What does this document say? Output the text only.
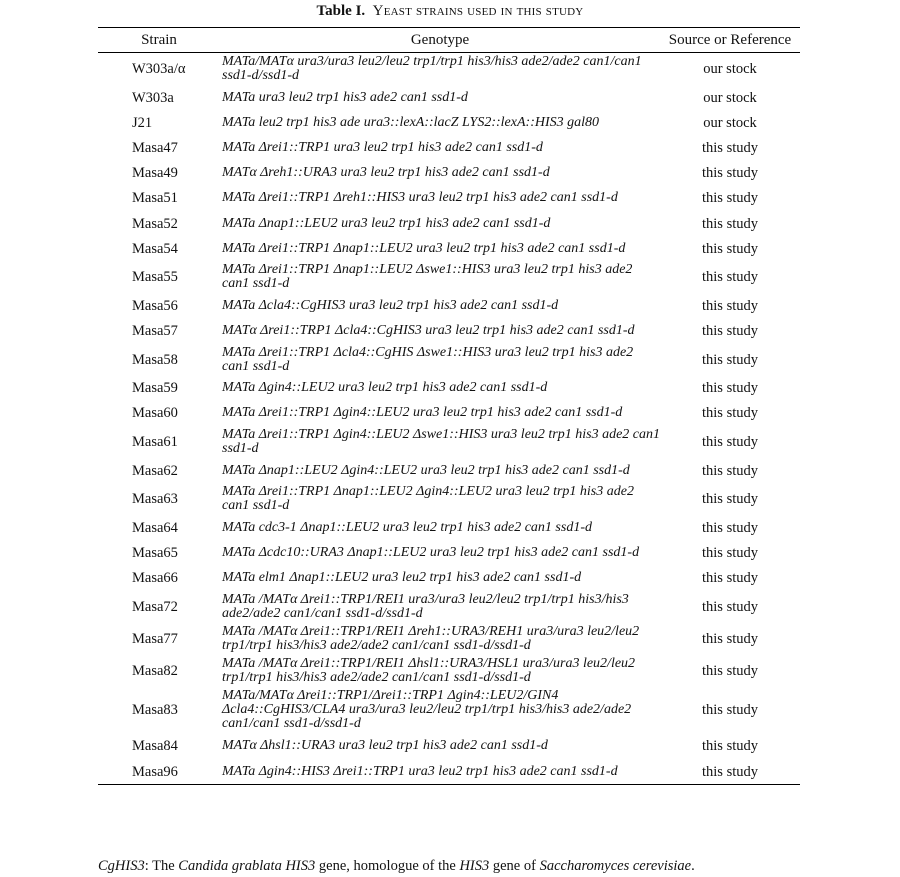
Table I. Yeast strains used in this study
Strain	Genotype	Source or Reference
W303a/α	MATa/MATα ura3/ura3 leu2/leu2 trp1/trp1 his3/his3 ade2/ade2 can1/can1 ssd1-d/ssd1-d	our stock
W303a	MATa ura3 leu2 trp1 his3 ade2 can1 ssd1-d	our stock
J21	MATa leu2 trp1 his3 ade ura3::lexA::lacZ LYS2::lexA::HIS3 gal80	our stock
Masa47	MATa Δrei1::TRP1 ura3 leu2 trp1 his3 ade2 can1 ssd1-d	this study
Masa49	MATα Δreh1::URA3 ura3 leu2 trp1 his3 ade2 can1 ssd1-d	this study
Masa51	MATa Δrei1::TRP1 Δreh1::HIS3 ura3 leu2 trp1 his3 ade2 can1 ssd1-d	this study
Masa52	MATa Δnap1::LEU2 ura3 leu2 trp1 his3 ade2 can1 ssd1-d	this study
Masa54	MATa Δrei1::TRP1 Δnap1::LEU2 ura3 leu2 trp1 his3 ade2 can1 ssd1-d	this study
Masa55	MATa Δrei1::TRP1 Δnap1::LEU2 Δswe1::HIS3 ura3 leu2 trp1 his3 ade2 can1 ssd1-d	this study
Masa56	MATa Δcla4::CgHIS3 ura3 leu2 trp1 his3 ade2 can1 ssd1-d	this study
Masa57	MATα Δrei1::TRP1 Δcla4::CgHIS3 ura3 leu2 trp1 his3 ade2 can1 ssd1-d	this study
Masa58	MATa Δrei1::TRP1 Δcla4::CgHIS Δswe1::HIS3 ura3 leu2 trp1 his3 ade2 can1 ssd1-d	this study
Masa59	MATa Δgin4::LEU2 ura3 leu2 trp1 his3 ade2 can1 ssd1-d	this study
Masa60	MATa Δrei1::TRP1 Δgin4::LEU2 ura3 leu2 trp1 his3 ade2 can1 ssd1-d	this study
Masa61	MATa Δrei1::TRP1 Δgin4::LEU2 Δswe1::HIS3 ura3 leu2 trp1 his3 ade2 can1 ssd1-d	this study
Masa62	MATa Δnap1::LEU2 Δgin4::LEU2 ura3 leu2 trp1 his3 ade2 can1 ssd1-d	this study
Masa63	MATa Δrei1::TRP1 Δnap1::LEU2 Δgin4::LEU2 ura3 leu2 trp1 his3 ade2 can1 ssd1-d	this study
Masa64	MATa cdc3-1 Δnap1::LEU2 ura3 leu2 trp1 his3 ade2 can1 ssd1-d	this study
Masa65	MATa Δcdc10::URA3 Δnap1::LEU2 ura3 leu2 trp1 his3 ade2 can1 ssd1-d	this study
Masa66	MATa elm1 Δnap1::LEU2 ura3 leu2 trp1 his3 ade2 can1 ssd1-d	this study
Masa72	MATa /MATα Δrei1::TRP1/REI1 ura3/ura3 leu2/leu2 trp1/trp1 his3/his3 ade2/ade2 can1/can1 ssd1-d/ssd1-d	this study
Masa77	MATa /MATα Δrei1::TRP1/REI1 Δreh1::URA3/REH1 ura3/ura3 leu2/leu2 trp1/trp1 his3/his3 ade2/ade2 can1/can1 ssd1-d/ssd1-d	this study
Masa82	MATa /MATα Δrei1::TRP1/REI1 Δhsl1::URA3/HSL1 ura3/ura3 leu2/leu2 trp1/trp1 his3/his3 ade2/ade2 can1/can1 ssd1-d/ssd1-d	this study
Masa83	MATa/MATα Δrei1::TRP1/Δrei1::TRP1 Δgin4::LEU2/GIN4 Δcla4::CgHIS3/CLA4 ura3/ura3 leu2/leu2 trp1/trp1 his3/his3 ade2/ade2 can1/can1 ssd1-d/ssd1-d	this study
Masa84	MATα Δhsl1::URA3 ura3 leu2 trp1 his3 ade2 can1 ssd1-d	this study
Masa96	MATa Δgin4::HIS3 Δrei1::TRP1 ura3 leu2 trp1 his3 ade2 can1 ssd1-d	this study
CgHIS3: The Candida grablata HIS3 gene, homologue of the HIS3 gene of Saccharomyces cerevisiae.
